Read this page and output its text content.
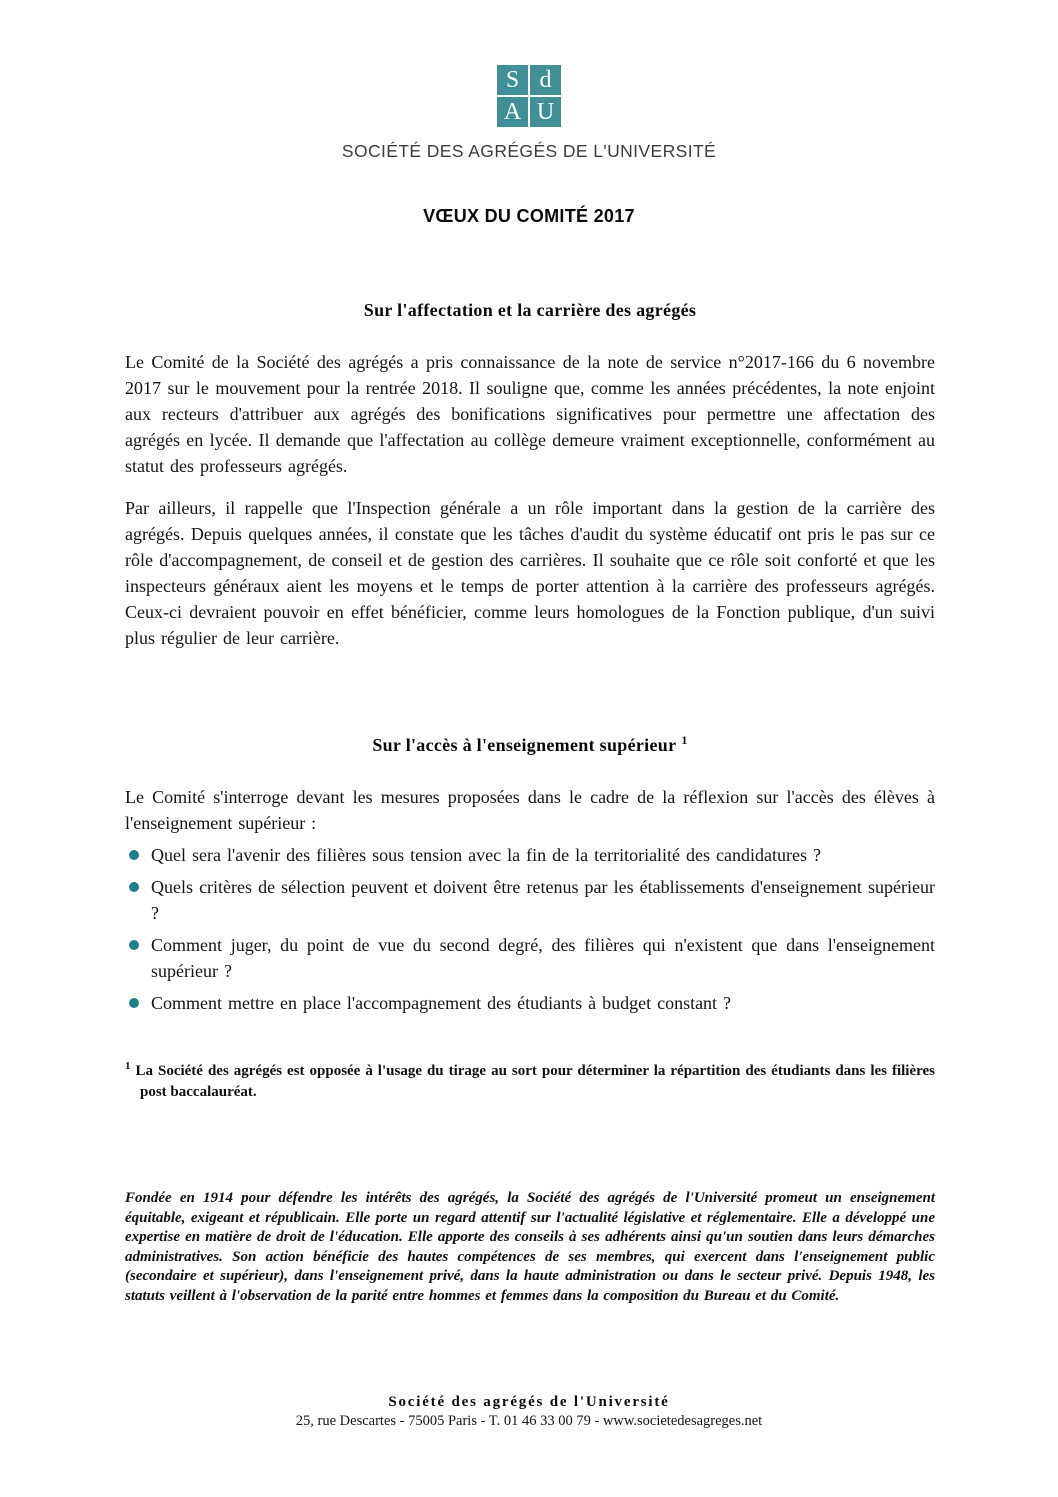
S d
A U
SOCIÉTÉ DES AGRÉGÉS DE L'UNIVERSITÉ
VŒUX DU COMITÉ 2017
Sur l'affectation et la carrière des agrégés

Le Comité de la Société des agrégés a pris connaissance de la note de service n°2017-166 du 6 novembre 2017 sur le mouvement pour la rentrée 2018. Il souligne que, comme les années précédentes, la note enjoint aux recteurs d'attribuer aux agrégés des bonifications significatives pour permettre une affectation des agrégés en lycée. Il demande que l'affectation au collège demeure vraiment exceptionnelle, conformément au statut des professeurs agrégés.

Par ailleurs, il rappelle que l'Inspection générale a un rôle important dans la gestion de la carrière des agrégés. Depuis quelques années, il constate que les tâches d'audit du système éducatif ont pris le pas sur ce rôle d'accompagnement, de conseil et de gestion des carrières. Il souhaite que ce rôle soit conforté et que les inspecteurs généraux aient les moyens et le temps de porter attention à la carrière des professeurs agrégés. Ceux-ci devraient pouvoir en effet bénéficier, comme leurs homologues de la Fonction publique, d'un suivi plus régulier de leur carrière.

Sur l'accès à l'enseignement supérieur $^1$

Le Comité s'interroge devant les mesures proposées dans le cadre de la réflexion sur l'accès des élèves à l'enseignement supérieur :

Quel sera l'avenir des filières sous tension avec la fin de la territorialité des candidatures ?
Quels critères de sélection peuvent et doivent être retenus par les établissements d'enseignement supérieur ?
Comment juger, du point de vue du second degré, des filières qui n'existent que dans l'enseignement supérieur ?
Comment mettre en place l'accompagnement des étudiants à budget constant ?
$^1$ La Société des agrégés est opposée à l'usage du tirage au sort pour déterminer la répartition des étudiants dans les filières post baccalauréat.
Fondée en 1914 pour défendre les intérêts des agrégés, la Société des agrégés de l'Université promeut un enseignement équitable, exigeant et républicain. Elle porte un regard attentif sur l'actualité législative et réglementaire. Elle a développé une expertise en matière de droit de l'éducation. Elle apporte des conseils à ses adhérents ainsi qu'un soutien dans leurs démarches administratives. Son action bénéficie des hautes compétences de ses membres, qui exercent dans l'enseignement public (secondaire et supérieur), dans l'enseignement privé, dans la haute administration ou dans le secteur privé. Depuis 1948, les statuts veillent à l'observation de la parité entre hommes et femmes dans la composition du Bureau et du Comité.
Société des agrégés de l'Université
25, rue Descartes - 75005 Paris - T. 01 46 33 00 79 - www.societedesagreges.net
